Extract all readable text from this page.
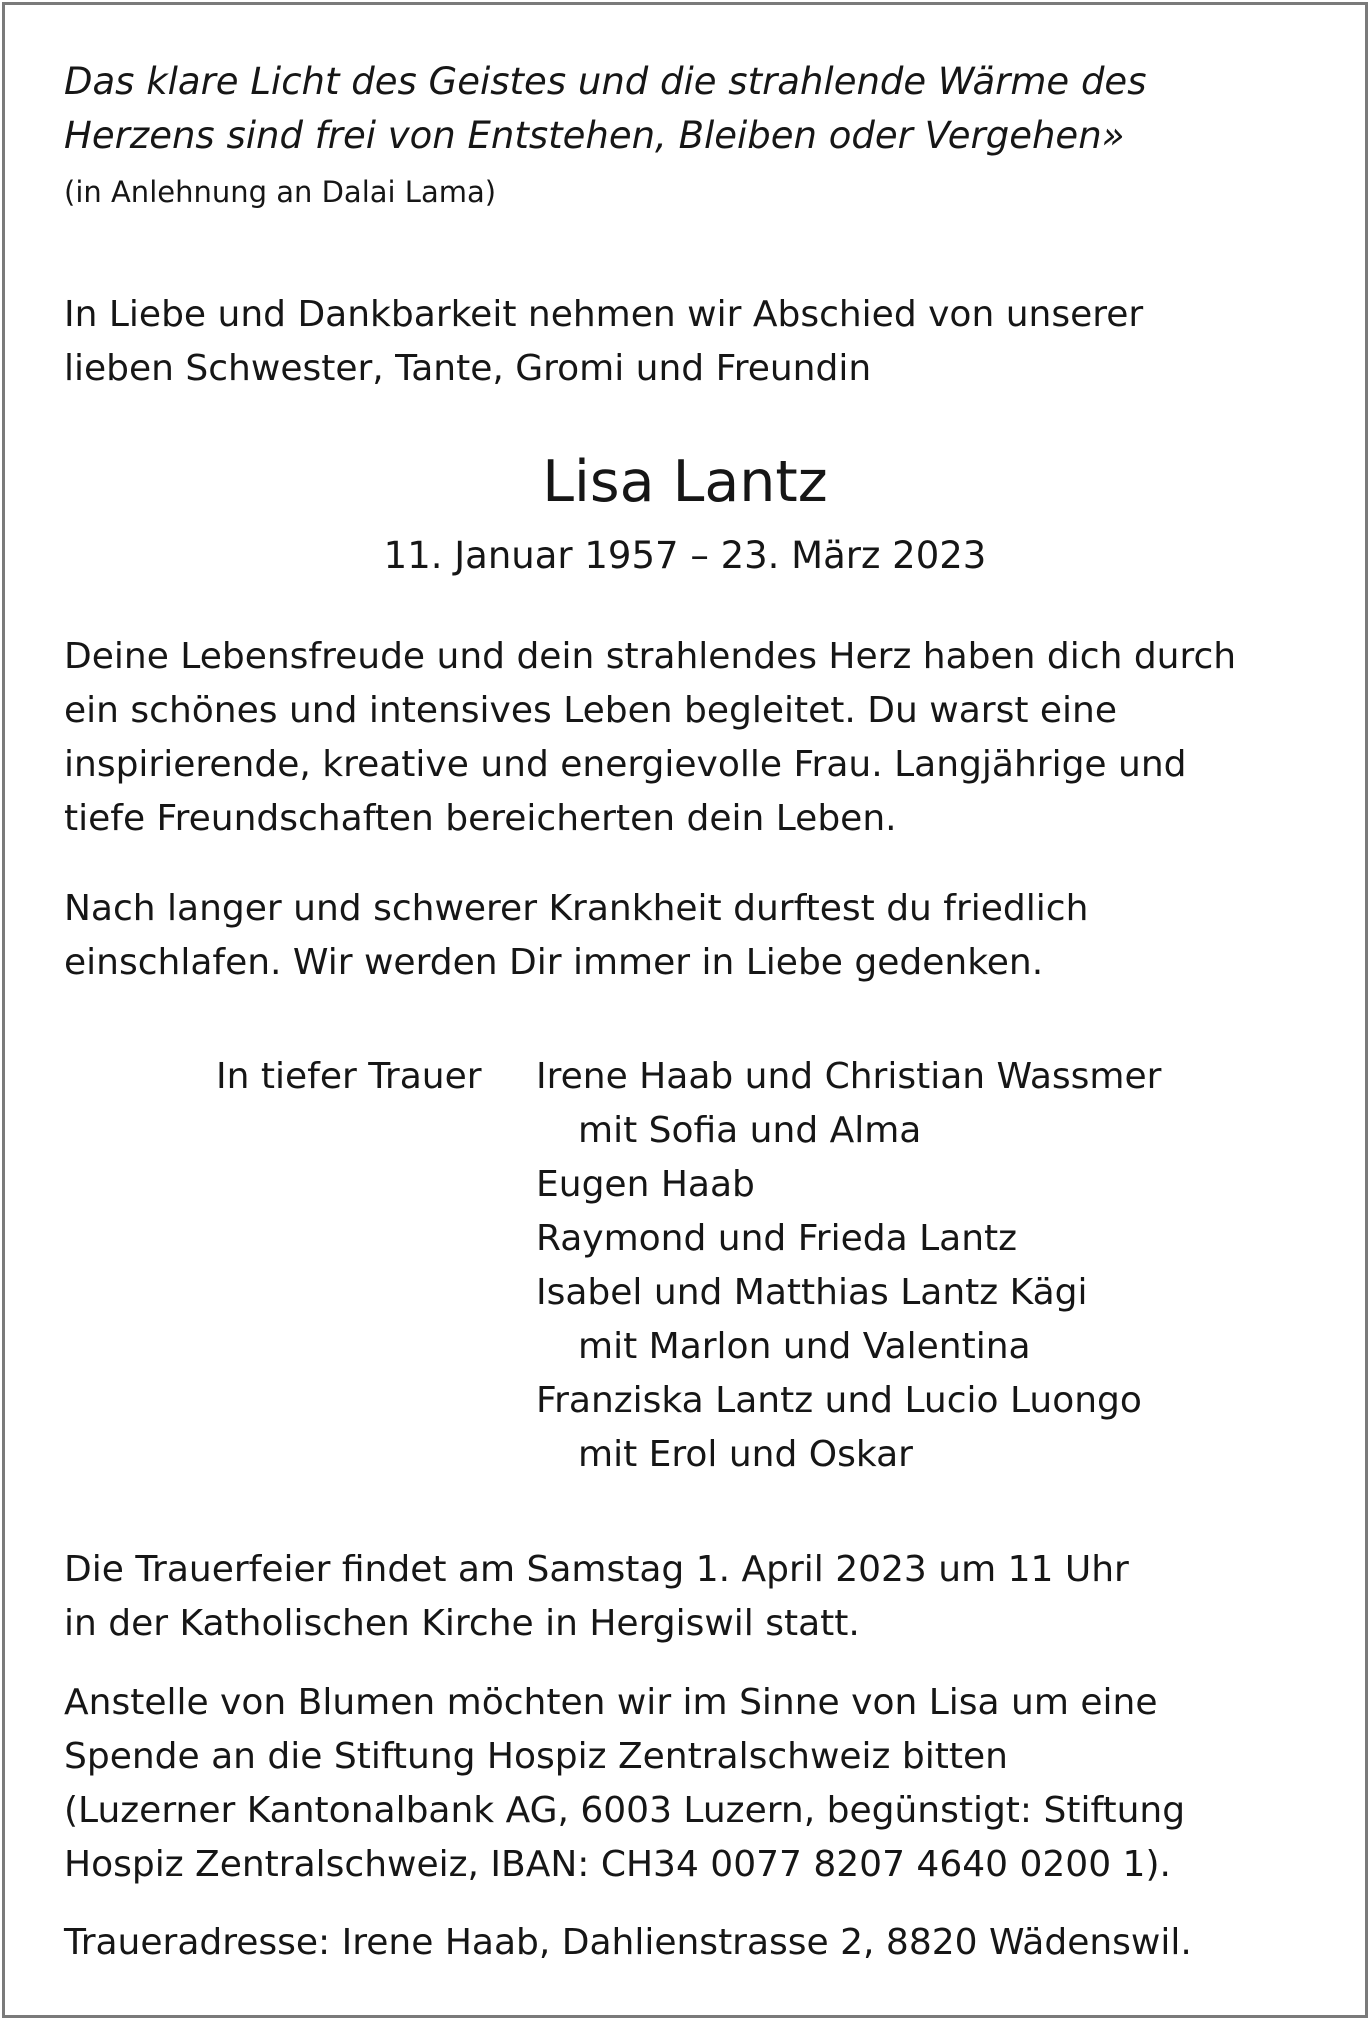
Das klare Licht des Geistes und die strahlende Wärme des
Herzens sind frei von Entstehen, Bleiben oder Vergehen»
(in Anlehnung an Dalai Lama)
In Liebe und Dankbarkeit nehmen wir Abschied von unserer
lieben Schwester, Tante, Gromi und Freundin
Lisa Lantz
11. Januar 1957 – 23. März 2023
Deine Lebensfreude und dein strahlendes Herz haben dich durch
ein schönes und intensives Leben begleitet. Du warst eine
inspirierende, kreative und energievolle Frau. Langjährige und
tiefe Freundschaften bereicherten dein Leben.
Nach langer und schwerer Krankheit durftest du friedlich
einschlafen. Wir werden Dir immer in Liebe gedenken.
In tiefer Trauer Irene Haab und Christian Wassmer
mit Sofia und Alma
Eugen Haab
Raymond und Frieda Lantz
Isabel und Matthias Lantz Kägi
mit Marlon und Valentina
Franziska Lantz und Lucio Luongo
mit Erol und Oskar
Die Trauerfeier findet am Samstag 1. April 2023 um 11 Uhr
in der Katholischen Kirche in Hergiswil statt.
Anstelle von Blumen möchten wir im Sinne von Lisa um eine
Spende an die Stiftung Hospiz Zentralschweiz bitten
(Luzerner Kantonalbank AG, 6003 Luzern, begünstigt: Stiftung
Hospiz Zentralschweiz, IBAN: CH34 0077 8207 4640 0200 1).
Traueradresse: Irene Haab, Dahlienstrasse 2, 8820 Wädenswil.
